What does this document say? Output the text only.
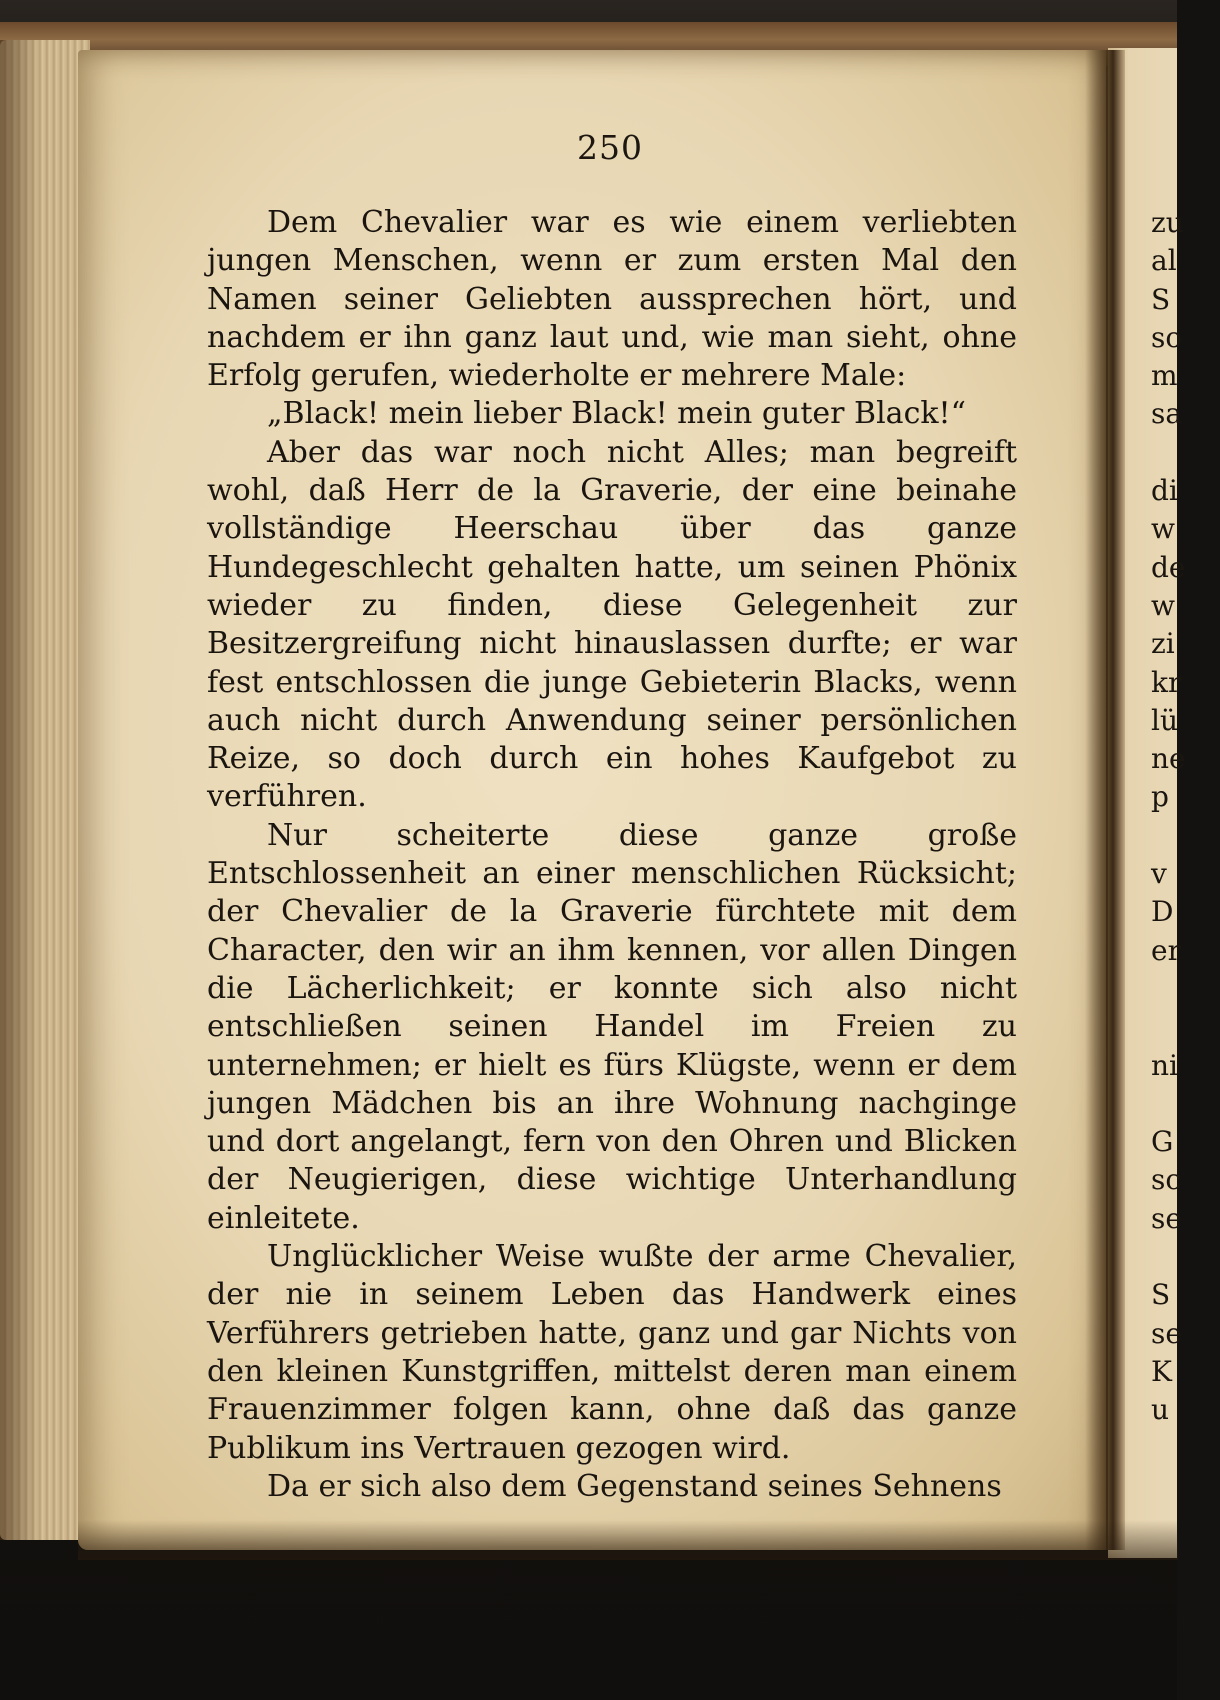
250

Dem Chevalier war es wie einem verliebten jungen Menschen, wenn er zum ersten Mal den Namen seiner Geliebten aussprechen hört, und nachdem er ihn ganz laut und, wie man sieht, ohne Erfolg gerufen, wiederholte er mehrere Male:

„Black! mein lieber Black! mein guter Black!“

Aber das war noch nicht Alles; man begreift wohl, daß Herr de la Graverie, der eine beinahe vollständige Heerschau über das ganze Hundegeschlecht gehalten hatte, um seinen Phönix wieder zu finden, diese Gelegenheit zur Besitzergreifung nicht hinauslassen durfte; er war fest entschlossen die junge Gebieterin Blacks, wenn auch nicht durch Anwendung seiner persönlichen Reize, so doch durch ein hohes Kaufgebot zu verführen.

Nur scheiterte diese ganze große Entschlossenheit an einer menschlichen Rücksicht; der Chevalier de la Graverie fürchtete mit dem Character, den wir an ihm kennen, vor allen Dingen die Lächerlichkeit; er konnte sich also nicht entschließen seinen Handel im Freien zu unternehmen; er hielt es fürs Klügste, wenn er dem jungen Mädchen bis an ihre Wohnung nachginge und dort angelangt, fern von den Ohren und Blicken der Neugierigen, diese wichtige Unterhandlung einleitete.

Unglücklicher Weise wußte der arme Chevalier, der nie in seinem Leben das Handwerk eines Verführers getrieben hatte, ganz und gar Nichts von den kleinen Kunstgriffen, mittelst deren man einem Frauenzimmer folgen kann, ohne daß das ganze Publikum ins Vertrauen gezogen wird.

Da er sich also dem Gegenstand seines Sehnens

zu
al
S
so
m
sa
di
w
de
w
zi
kr
lü
ne
p
v
D
er
ni
G
sc
se
S
se
K
u
